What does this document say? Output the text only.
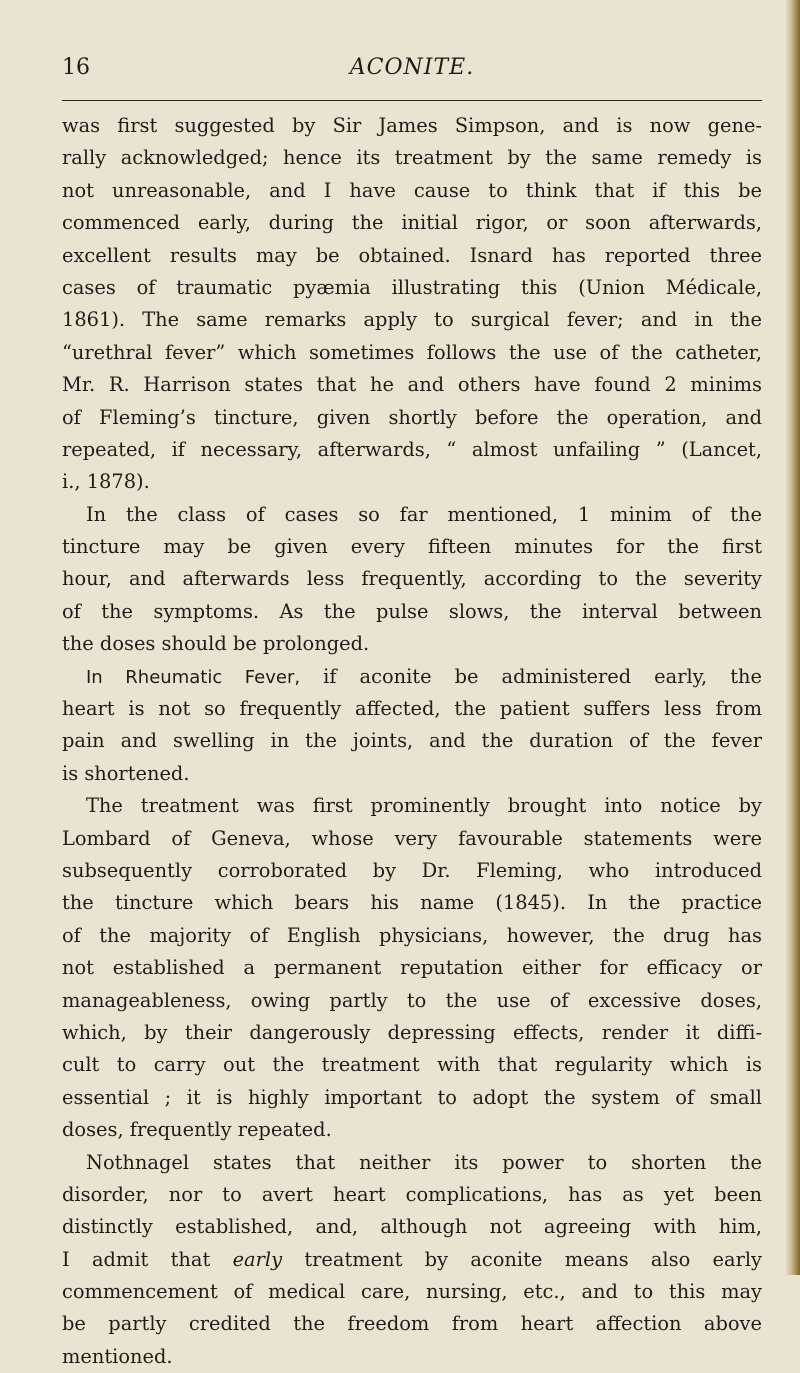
16	ACONITE.
was first suggested by Sir James Simpson, and is now gene-
rally acknowledged; hence its treatment by the same remedy is
not unreasonable, and I have cause to think that if this be
commenced early, during the initial rigor, or soon afterwards,
excellent results may be obtained. Isnard has reported three
cases of traumatic pyæmia illustrating this (Union Médicale,
1861). The same remarks apply to surgical fever; and in the
“urethral fever” which sometimes follows the use of the catheter,
Mr. R. Harrison states that he and others have found 2 minims
of Fleming’s tincture, given shortly before the operation, and
repeated, if necessary, afterwards, “ almost unfailing ” (Lancet,
i., 1878).
In the class of cases so far mentioned, 1 minim of the
tincture may be given every fifteen minutes for the first
hour, and afterwards less frequently, according to the severity
of the symptoms. As the pulse slows, the interval between
the doses should be prolonged.
In Rheumatic Fever, if aconite be administered early, the
heart is not so frequently affected, the patient suffers less from
pain and swelling in the joints, and the duration of the fever
is shortened.
The treatment was first prominently brought into notice by
Lombard of Geneva, whose very favourable statements were
subsequently corroborated by Dr. Fleming, who introduced
the tincture which bears his name (1845). In the practice
of the majority of English physicians, however, the drug has
not established a permanent reputation either for efficacy or
manageableness, owing partly to the use of excessive doses,
which, by their dangerously depressing effects, render it diffi-
cult to carry out the treatment with that regularity which is
essential ; it is highly important to adopt the system of small
doses, frequently repeated.
Nothnagel states that neither its power to shorten the
disorder, nor to avert heart complications, has as yet been
distinctly established, and, although not agreeing with him,
I admit that early treatment by aconite means also early
commencement of medical care, nursing, etc., and to this may
be partly credited the freedom from heart affection above
mentioned.
